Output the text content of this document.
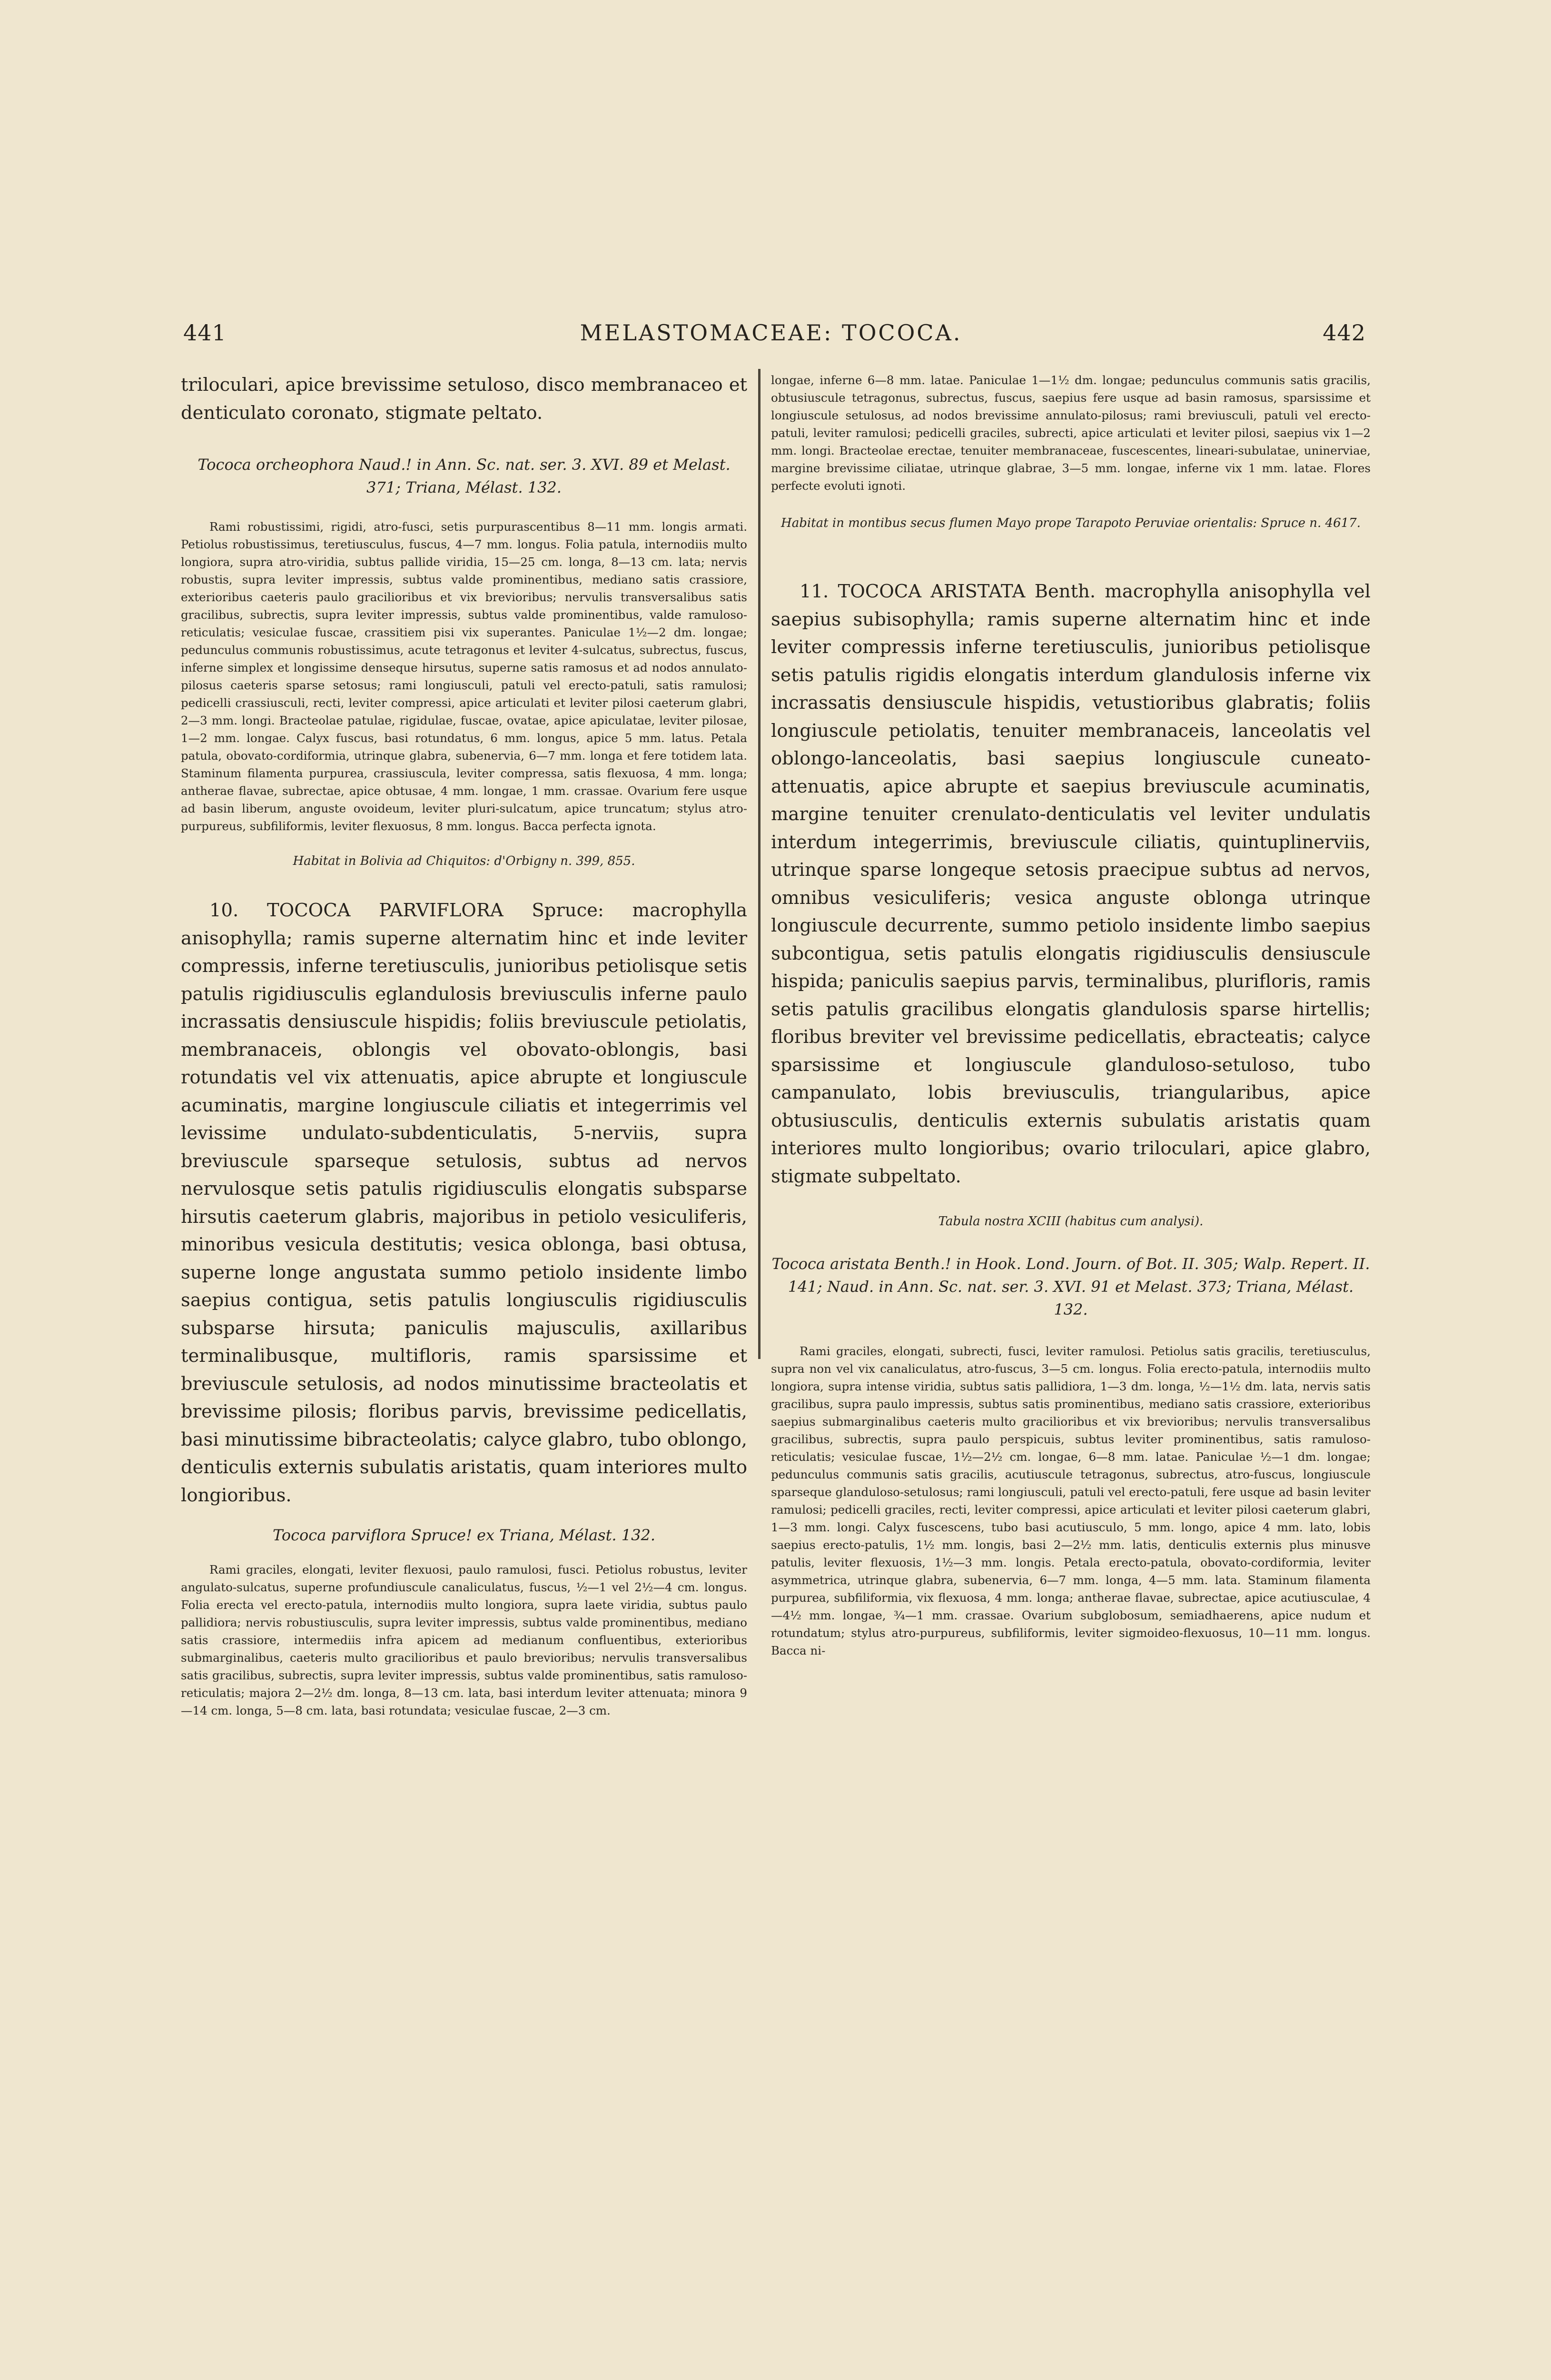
441	MELASTOMACEAE: TOCOCA.	442

triloculari, apice brevissime setuloso, disco membranaceo et denticulato coronato, stigmate peltato.

Tococa orcheophora Naud.! in Ann. Sc. nat. ser. 3. XVI. 89 et Melast. 371; Triana, Mélast. 132.

Rami robustissimi, rigidi, atro-fusci, setis purpurascentibus 8—11 mm. longis armati. Petiolus robustissimus, teretiusculus, fuscus, 4—7 mm. longus. Folia patula, internodiis multo longiora, supra atro-viridia, subtus pallide viridia, 15—25 cm. longa, 8—13 cm. lata; nervis robustis, supra leviter impressis, subtus valde prominentibus, mediano satis crassiore, exterioribus caeteris paulo gracilioribus et vix brevioribus; nervulis transversalibus satis gracilibus, subrectis, supra leviter impressis, subtus valde prominentibus, valde ramuloso-reticulatis; vesiculae fuscae, crassitiem pisi vix superantes. Paniculae 1½—2 dm. longae; pedunculus communis robustissimus, acute tetragonus et leviter 4-sulcatus, subrectus, fuscus, inferne simplex et longissime denseque hirsutus, superne satis ramosus et ad nodos annulato-pilosus caeteris sparse setosus; rami longiusculi, patuli vel erecto-patuli, satis ramulosi; pedicelli crassiusculi, recti, leviter compressi, apice articulati et leviter pilosi caeterum glabri, 2—3 mm. longi. Bracteolae patulae, rigidulae, fuscae, ovatae, apice apiculatae, leviter pilosae, 1—2 mm. longae. Calyx fuscus, basi rotundatus, 6 mm. longus, apice 5 mm. latus. Petala patula, obovato-cordiformia, utrinque glabra, subenervia, 6—7 mm. longa et fere totidem lata. Staminum filamenta purpurea, crassiuscula, leviter compressa, satis flexuosa, 4 mm. longa; antherae flavae, subrectae, apice obtusae, 4 mm. longae, 1 mm. crassae. Ovarium fere usque ad basin liberum, anguste ovoideum, leviter pluri-sulcatum, apice truncatum; stylus atro-purpureus, subfiliformis, leviter flexuosus, 8 mm. longus. Bacca perfecta ignota.

Habitat in Bolivia ad Chiquitos: d'Orbigny n. 399, 855.

10. TOCOCA PARVIFLORA Spruce: macrophylla anisophylla; ramis superne alternatim hinc et inde leviter compressis, inferne teretiusculis, junioribus petiolisque setis patulis rigidiusculis eglandulosis breviusculis inferne paulo incrassatis densiuscule hispidis; foliis breviuscule petiolatis, membranaceis, oblongis vel obovato-oblongis, basi rotundatis vel vix attenuatis, apice abrupte et longiuscule acuminatis, margine longiuscule ciliatis et integerrimis vel levissime undulato-subdenticulatis, 5-nerviis, supra breviuscule sparseque setulosis, subtus ad nervos nervulosque setis patulis rigidiusculis elongatis subsparse hirsutis caeterum glabris, majoribus in petiolo vesiculiferis, minoribus vesicula destitutis; vesica oblonga, basi obtusa, superne longe angustata summo petiolo insidente limbo saepius contigua, setis patulis longiusculis rigidiusculis subsparse hirsuta; paniculis majusculis, axillaribus terminalibusque, multifloris, ramis sparsissime et breviuscule setulosis, ad nodos minutissime bracteolatis et brevissime pilosis; floribus parvis, brevissime pedicellatis, basi minutissime bibracteolatis; calyce glabro, tubo oblongo, denticulis externis subulatis aristatis, quam interiores multo longioribus.

Tococa parviflora Spruce! ex Triana, Mélast. 132.

Rami graciles, elongati, leviter flexuosi, paulo ramulosi, fusci. Petiolus robustus, leviter angulato-sulcatus, superne profundiuscule canaliculatus, fuscus, ½—1 vel 2½—4 cm. longus. Folia erecta vel erecto-patula, internodiis multo longiora, supra laete viridia, subtus paulo pallidiora; nervis robustiusculis, supra leviter impressis, subtus valde prominentibus, mediano satis crassiore, intermediis infra apicem ad medianum confluentibus, exterioribus submarginalibus, caeteris multo gracilioribus et paulo brevioribus; nervulis transversalibus satis gracilibus, subrectis, supra leviter impressis, subtus valde prominentibus, satis ramuloso-reticulatis; majora 2—2½ dm. longa, 8—13 cm. lata, basi interdum leviter attenuata; minora 9—14 cm. longa, 5—8 cm. lata, basi rotundata; vesiculae fuscae, 2—3 cm.

longae, inferne 6—8 mm. latae. Paniculae 1—1½ dm. longae; pedunculus communis satis gracilis, obtusiuscule tetragonus, subrectus, fuscus, saepius fere usque ad basin ramosus, sparsissime et longiuscule setulosus, ad nodos brevissime annulato-pilosus; rami breviusculi, patuli vel erecto-patuli, leviter ramulosi; pedicelli graciles, subrecti, apice articulati et leviter pilosi, saepius vix 1—2 mm. longi. Bracteolae erectae, tenuiter membranaceae, fuscescentes, lineari-subulatae, uninerviae, margine brevissime ciliatae, utrinque glabrae, 3—5 mm. longae, inferne vix 1 mm. latae. Flores perfecte evoluti ignoti.

Habitat in montibus secus flumen Mayo prope Tarapoto Peruviae orientalis: Spruce n. 4617.

11. TOCOCA ARISTATA Benth. macrophylla anisophylla vel saepius subisophylla; ramis superne alternatim hinc et inde leviter compressis inferne teretiusculis, junioribus petiolisque setis patulis rigidis elongatis interdum glandulosis inferne vix incrassatis densiuscule hispidis, vetustioribus glabratis; foliis longiuscule petiolatis, tenuiter membranaceis, lanceolatis vel oblongo-lanceolatis, basi saepius longiuscule cuneato-attenuatis, apice abrupte et saepius breviuscule acuminatis, margine tenuiter crenulato-denticulatis vel leviter undulatis interdum integerrimis, breviuscule ciliatis, quintuplinerviis, utrinque sparse longeque setosis praecipue subtus ad nervos, omnibus vesiculiferis; vesica anguste oblonga utrinque longiuscule decurrente, summo petiolo insidente limbo saepius subcontigua, setis patulis elongatis rigidiusculis densiuscule hispida; paniculis saepius parvis, terminalibus, plurifloris, ramis setis patulis gracilibus elongatis glandulosis sparse hirtellis; floribus breviter vel brevissime pedicellatis, ebracteatis; calyce sparsissime et longiuscule glanduloso-setuloso, tubo campanulato, lobis breviusculis, triangularibus, apice obtusiusculis, denticulis externis subulatis aristatis quam interiores multo longioribus; ovario triloculari, apice glabro, stigmate subpeltato.

Tabula nostra XCIII (habitus cum analysi).

Tococa aristata Benth.! in Hook. Lond. Journ. of Bot. II. 305; Walp. Repert. II. 141; Naud. in Ann. Sc. nat. ser. 3. XVI. 91 et Melast. 373; Triana, Mélast. 132.

Rami graciles, elongati, subrecti, fusci, leviter ramulosi. Petiolus satis gracilis, teretiusculus, supra non vel vix canaliculatus, atro-fuscus, 3—5 cm. longus. Folia erecto-patula, internodiis multo longiora, supra intense viridia, subtus satis pallidiora, 1—3 dm. longa, ½—1½ dm. lata, nervis satis gracilibus, supra paulo impressis, subtus satis prominentibus, mediano satis crassiore, exterioribus saepius submarginalibus caeteris multo gracilioribus et vix brevioribus; nervulis transversalibus gracilibus, subrectis, supra paulo perspicuis, subtus leviter prominentibus, satis ramuloso-reticulatis; vesiculae fuscae, 1½—2½ cm. longae, 6—8 mm. latae. Paniculae ½—1 dm. longae; pedunculus communis satis gracilis, acutiuscule tetragonus, subrectus, atro-fuscus, longiuscule sparseque glanduloso-setulosus; rami longiusculi, patuli vel erecto-patuli, fere usque ad basin leviter ramulosi; pedicelli graciles, recti, leviter compressi, apice articulati et leviter pilosi caeterum glabri, 1—3 mm. longi. Calyx fuscescens, tubo basi acutiusculo, 5 mm. longo, apice 4 mm. lato, lobis saepius erecto-patulis, 1½ mm. longis, basi 2—2½ mm. latis, denticulis externis plus minusve patulis, leviter flexuosis, 1½—3 mm. longis. Petala erecto-patula, obovato-cordiformia, leviter asymmetrica, utrinque glabra, subenervia, 6—7 mm. longa, 4—5 mm. lata. Staminum filamenta purpurea, subfiliformia, vix flexuosa, 4 mm. longa; antherae flavae, subrectae, apice acutiusculae, 4—4½ mm. longae, ¾—1 mm. crassae. Ovarium subglobosum, semiadhaerens, apice nudum et rotundatum; stylus atro-purpureus, subfiliformis, leviter sigmoideo-flexuosus, 10—11 mm. longus. Bacca ni-
